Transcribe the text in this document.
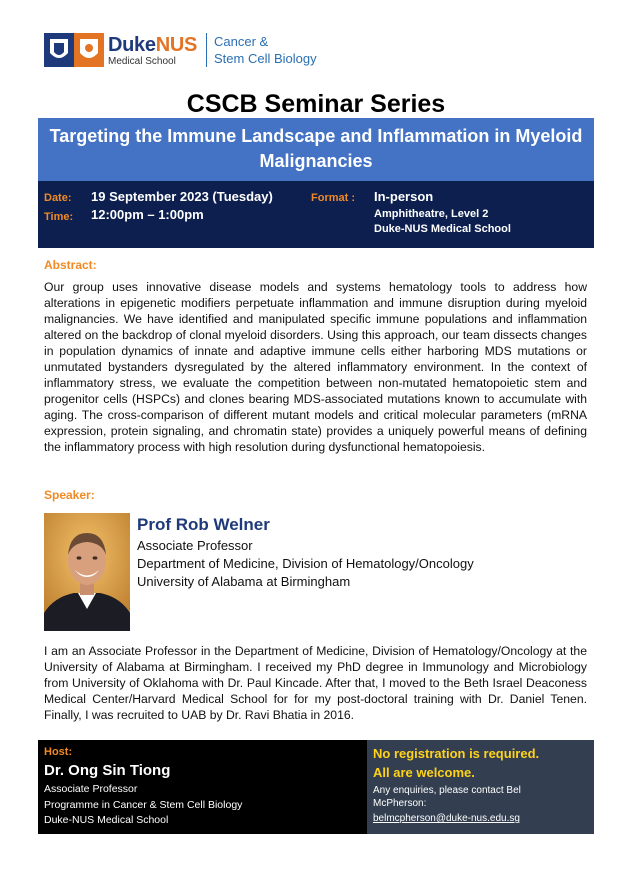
DukeNUS
Medical School
Cancer &
Stem Cell Biology
CSCB Seminar Series
Targeting the Immune Landscape and Inflammation in Myeloid Malignancies
Date: 19 September 2023 (Tuesday)
Time: 12:00pm – 1:00pm
Format : In-person
Amphitheatre, Level 2
Duke-NUS Medical School
Abstract:
Our group uses innovative disease models and systems hematology tools to address how alterations in epigenetic modifiers perpetuate inflammation and immune disruption during myeloid malignancies. We have identified and manipulated specific immune populations and inflammation altered on the backdrop of clonal myeloid disorders. Using this approach, our team dissects changes in population dynamics of innate and adaptive immune cells either harboring MDS mutations or unmutated bystanders dysregulated by the altered inflammatory environment. In the context of inflammatory stress, we evaluate the competition between non-mutated hematopoietic stem and progenitor cells (HSPCs) and clones bearing MDS-associated mutations known to accumulate with aging. The cross-comparison of different mutant models and critical molecular parameters (mRNA expression, protein signaling, and chromatin state) provides a uniquely powerful means of defining the inflammatory process with high resolution during dysfunctional hematopoiesis.
Speaker:
Prof Rob Welner
Associate Professor
Department of Medicine, Division of Hematology/Oncology
University of Alabama at Birmingham
I am an Associate Professor in the Department of Medicine, Division of Hematology/Oncology at the University of Alabama at Birmingham. I received my PhD degree in Immunology and Microbiology from University of Oklahoma with Dr. Paul Kincade. After that, I moved to the Beth Israel Deaconess Medical Center/Harvard Medical School for for my post-doctoral training with Dr. Daniel Tenen. Finally, I was recruited to UAB by Dr. Ravi Bhatia in 2016.
Host:
Dr. Ong Sin Tiong
Associate Professor
Programme in Cancer & Stem Cell Biology
Duke-NUS Medical School
No registration is required.
All are welcome.
Any enquiries, please contact Bel
McPherson:
belmcpherson@duke-nus.edu.sg
